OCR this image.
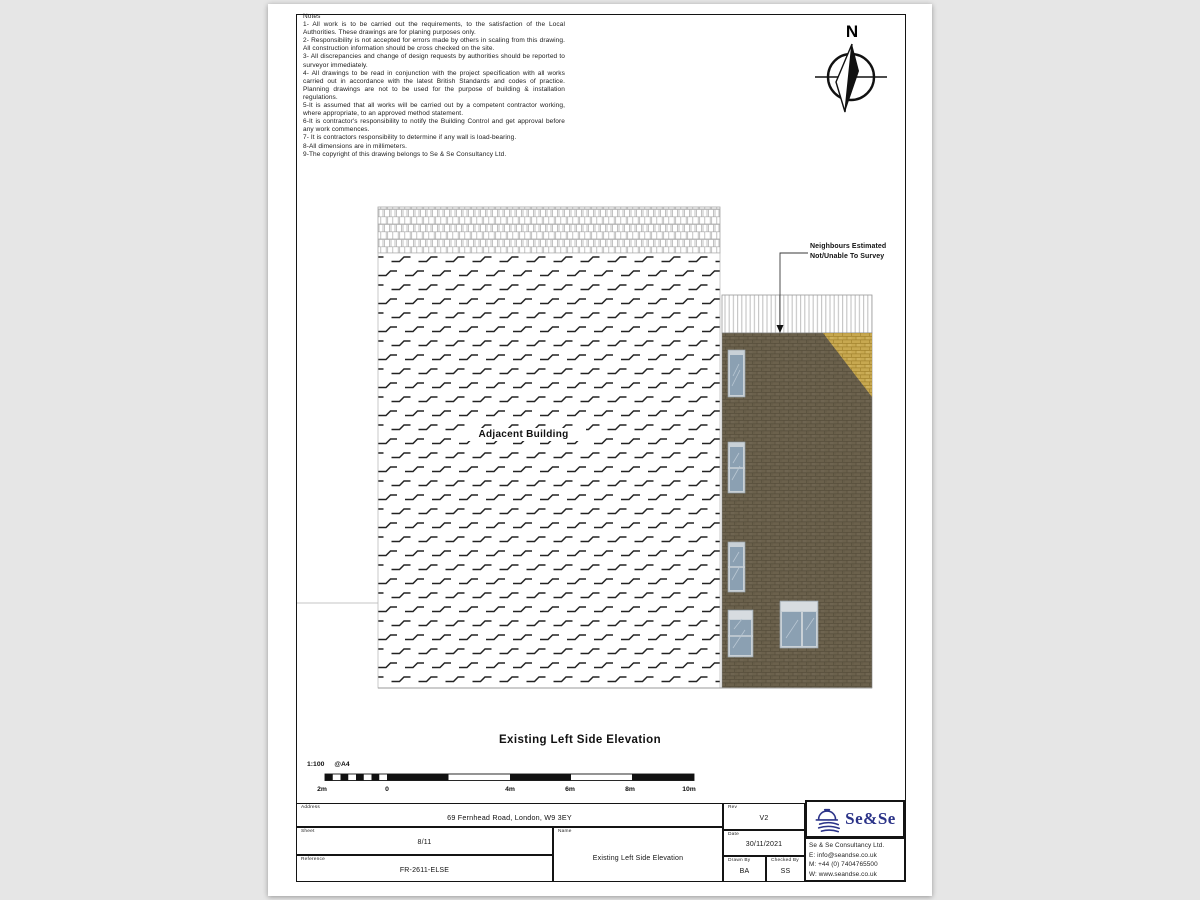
N

Notes

1- All work is to be carried out the requirements, to the satisfaction of the Local Authorities. These drawings are for planing purposes only.

2- Responsibility is not accepted for errors made by others in scaling from this drawing. All construction information should be cross checked on the site.

3- All discrepancies and change of design requests by authorities should be reported to surveyor immediately.

4- All drawings to be read in conjunction with the project specification with all works carried out in accordance with the latest British Standards and codes of practice. Planning drawings are not to be used for the purpose of building & installation regulations.

5-It is assumed that all works will be carried out by a competent contractor working, where appropriate, to an approved method statement.

6-It is contractor's responsibility to notify the Building Control and get approval before any work commences.

7- It is contractors responsibility to determine if any wall is load-bearing.

8-All dimensions are in millimeters.

9-The copyright of this drawing belongs to Se & Se Consultancy Ltd.

Adjacent Building
Neighbours Estimated
Not/Unable To Survey
Existing Left Side Elevation
1:100 @A4
2m	0	4m	6m	8m	10m
Address
69 Fernhead Road, London, W9 3EY
Sheet
8/11
Reference
FR-2611-ELSE
Name
Existing Left Side Elevation
Rev
V2
Date
30/11/2021
Drawn By
BA
Checked By
SS
Se&Se
Se & Se Consultancy Ltd.
E: info@seandse.co.uk
M: +44 (0) 7404765500
W: www.seandse.co.uk
